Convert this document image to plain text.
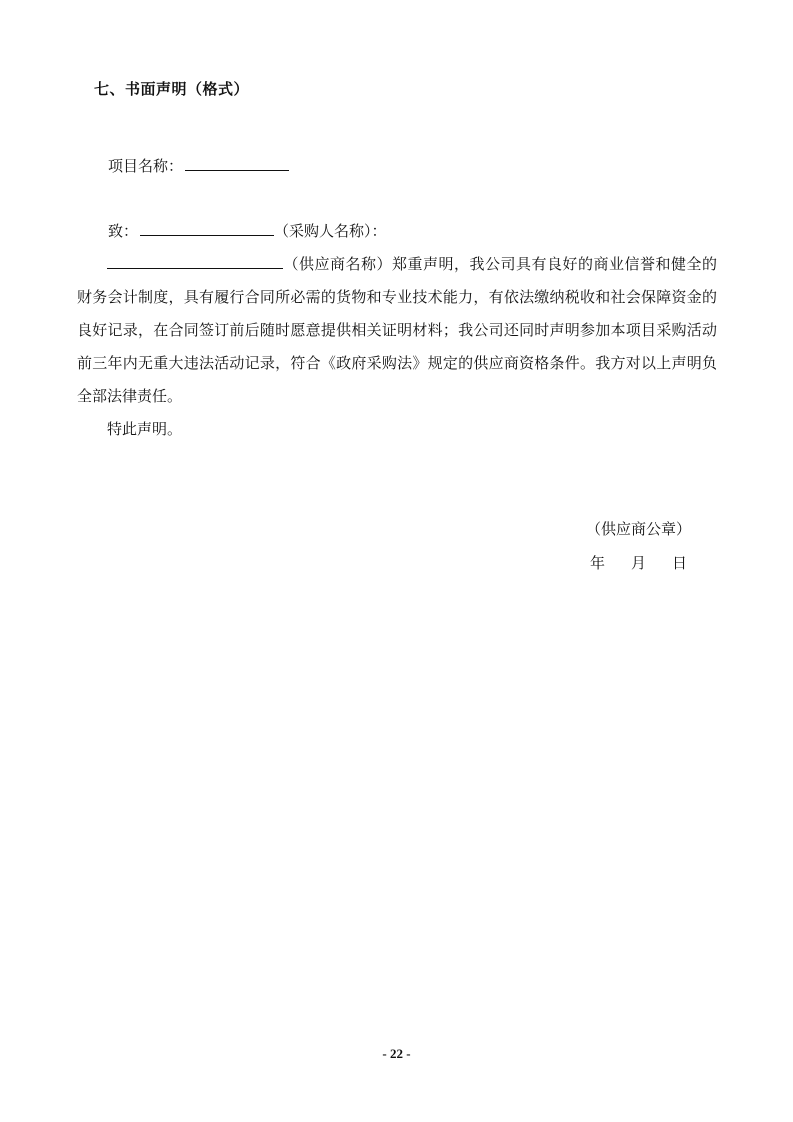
七、书面声明（格式）
项目名称：
致：	（采购人名称）：

（供应商名称）郑重声明，我公司具有良好的商业信誉和健全的财务会计制度，具有履行合同所必需的货物和专业技术能力，有依法缴纳税收和社会保障资金的良好记录，在合同签订前后随时愿意提供相关证明材料；我公司还同时声明参加本项目采购活动前三年内无重大违法活动记录，符合《政府采购法》规定的供应商资格条件。我方对以上声明负全部法律责任。

特此声明。

（供应商公章）
年 月 日
- 22 -
